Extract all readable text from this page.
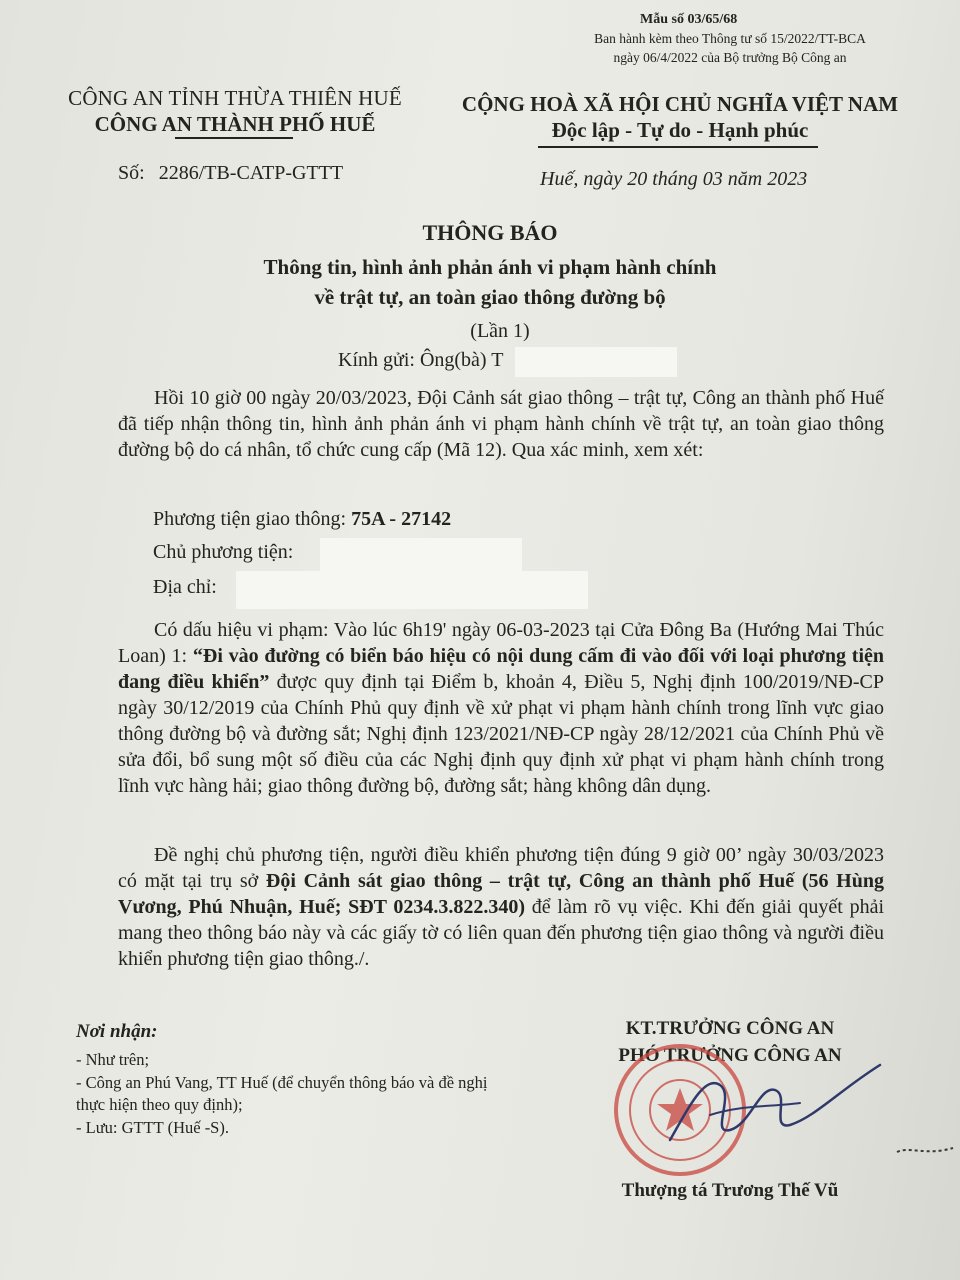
Mẫu số 03/65/68
Ban hành kèm theo Thông tư số 15/2022/TT-BCA
ngày 06/4/2022 của Bộ trưởng Bộ Công an
CÔNG AN TỈNH THỪA THIÊN HUẾ
CÔNG AN THÀNH PHỐ HUẾ
CỘNG HOÀ XÃ HỘI CHỦ NGHĨA VIỆT NAM
Độc lập - Tự do - Hạnh phúc
Số: 2286/TB-CATP-GTTT	Huế, ngày 20 tháng 03 năm 2023
THÔNG BÁO
Thông tin, hình ảnh phản ánh vi phạm hành chính
về trật tự, an toàn giao thông đường bộ
(Lần 1)
Kính gửi: Ông(bà) T

Hồi 10 giờ 00 ngày 20/03/2023, Đội Cảnh sát giao thông – trật tự, Công an thành phố Huế đã tiếp nhận thông tin, hình ảnh phản ánh vi phạm hành chính về trật tự, an toàn giao thông đường bộ do cá nhân, tổ chức cung cấp (Mã 12). Qua xác minh, xem xét:

Phương tiện giao thông: 75A - 27142
Chủ phương tiện:
Địa chỉ:

Có dấu hiệu vi phạm: Vào lúc 6h19' ngày 06-03-2023 tại Cửa Đông Ba (Hướng Mai Thúc Loan) 1: “Đi vào đường có biển báo hiệu có nội dung cấm đi vào đối với loại phương tiện đang điều khiển” được quy định tại Điểm b, khoản 4, Điều 5, Nghị định 100/2019/NĐ-CP ngày 30/12/2019 của Chính Phủ quy định về xử phạt vi phạm hành chính trong lĩnh vực giao thông đường bộ và đường sắt; Nghị định 123/2021/NĐ-CP ngày 28/12/2021 của Chính Phủ về sửa đổi, bổ sung một số điều của các Nghị định quy định xử phạt vi phạm hành chính trong lĩnh vực hàng hải; giao thông đường bộ, đường sắt; hàng không dân dụng.

Đề nghị chủ phương tiện, người điều khiển phương tiện đúng 9 giờ 00’ ngày 30/03/2023 có mặt tại trụ sở Đội Cảnh sát giao thông – trật tự, Công an thành phố Huế (56 Hùng Vương, Phú Nhuận, Huế; SĐT 0234.3.822.340) để làm rõ vụ việc. Khi đến giải quyết phải mang theo thông báo này và các giấy tờ có liên quan đến phương tiện giao thông và người điều khiển phương tiện giao thông./.

Nơi nhận:
- Như trên;
- Công an Phú Vang, TT Huế (để chuyển thông báo và đề nghị thực hiện theo quy định);
- Lưu: GTTT (Huế -S).
KT.TRƯỞNG CÔNG AN
PHÓ TRƯỞNG CÔNG AN
Thượng tá Trương Thế Vũ
